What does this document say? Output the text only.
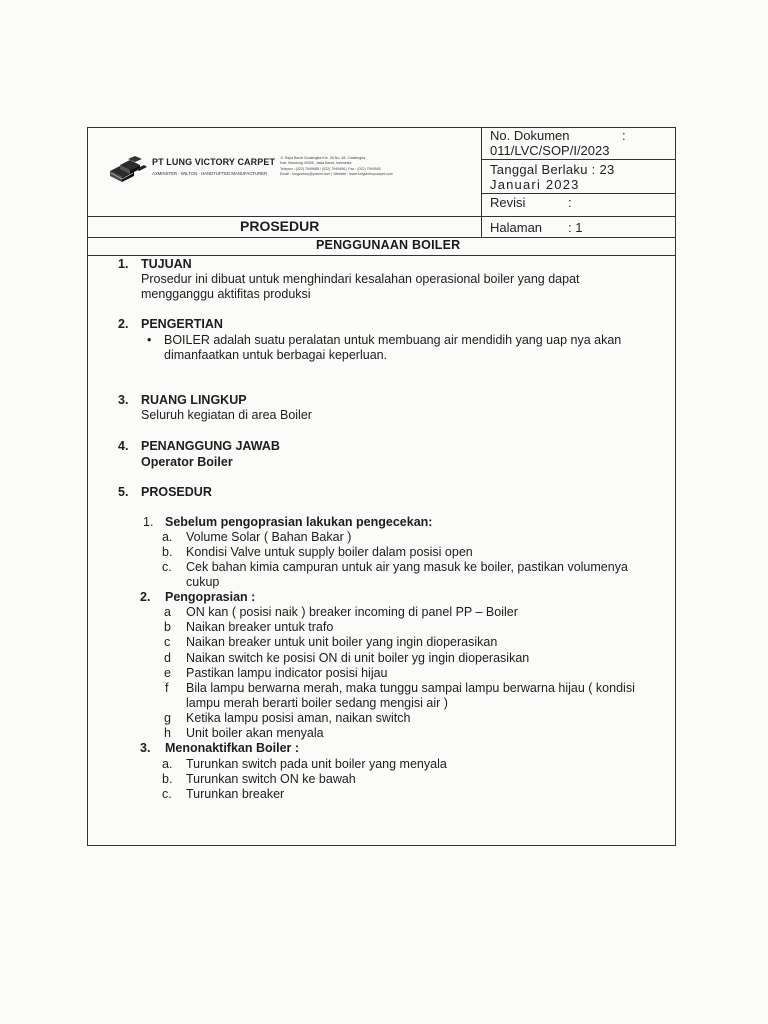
PT LUNG VICTORY CARPET
AXMINSTER - WILTON - HANDTUFTED MANUFACTURER
Jl. Raya Barat Cicalengka Km. 28 No. 48, Cicalengka
Kab. Bandung 40395, Jawa Barat, Indonesia
Telepon : (022) 7949688 / (022) 7949456 | Fax : (022) 7949545
Email : lungvictory@yahoo.com | Website : www.lungvictorycarpet.com
No. Dokumen	:
011/LVC/SOP/I/2023
Tanggal Berlaku : 23
Januari 2023
Revisi	:
Halaman : 1
PROSEDUR
PENGGUNAAN BOILER
1. TUJUAN
Prosedur ini dibuat untuk menghindari kesalahan operasional boiler yang dapat
mengganggu aktifitas produksi
2. PENGERTIAN
• BOILER adalah suatu peralatan untuk membuang air mendidih yang uap nya akan
dimanfaatkan untuk berbagai keperluan.
3. RUANG LINGKUP
Seluruh kegiatan di area Boiler
4. PENANGGUNG JAWAB
Operator Boiler
5. PROSEDUR
1. Sebelum pengoprasian lakukan pengecekan:
a. Volume Solar ( Bahan Bakar )
b. Kondisi Valve untuk supply boiler dalam posisi open
c. Cek bahan kimia campuran untuk air yang masuk ke boiler, pastikan volumenya
cukup
2. Pengoprasian :
a ON kan ( posisi naik ) breaker incoming di panel PP – Boiler
b Naikan breaker untuk trafo
c Naikan breaker untuk unit boiler yang ingin dioperasikan
d Naikan switch ke posisi ON di unit boiler yg ingin dioperasikan
e Pastikan lampu indicator posisi hijau
f Bila lampu berwarna merah, maka tunggu sampai lampu berwarna hijau ( kondisi
lampu merah berarti boiler sedang mengisi air )
g Ketika lampu posisi aman, naikan switch
h Unit boiler akan menyala
3. Menonaktifkan Boiler :
a. Turunkan switch pada unit boiler yang menyala
b. Turunkan switch ON ke bawah
c. Turunkan breaker
